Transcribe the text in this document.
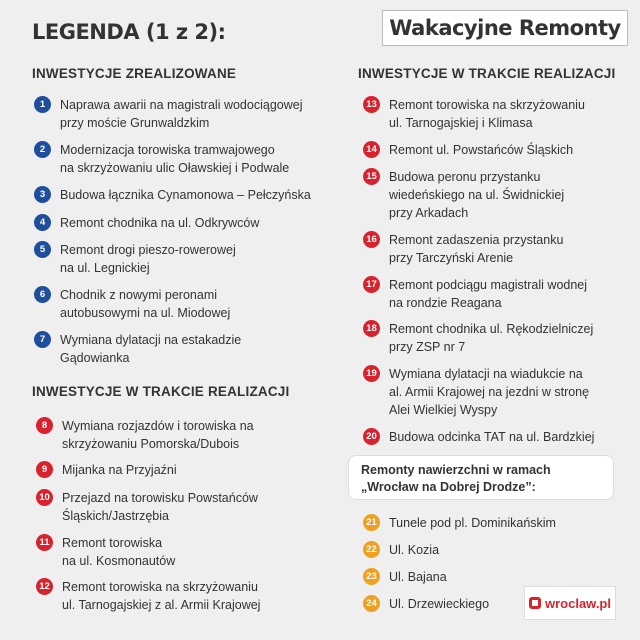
LEGENDA (1 z 2):	Wakacyjne Remonty
INWESTYCJE ZREALIZOWANE	INWESTYCJE W TRAKCIE REALIZACJI
INWESTYCJE W TRAKCIE REALIZACJI
Remonty nawierzchni w ramach
„Wrocław na Dobrej Drodze”:
1	Naprawa awarii na magistrali wodociągowej
przy moście Grunwaldzkim
2	Modernizacja torowiska tramwajowego
na skrzyżowaniu ulic Oławskiej i Podwale
3	Budowa łącznika Cynamonowa – Pełczyńska
4	Remont chodnika na ul. Odkrywców
5	Remont drogi pieszo-rowerowej
na ul. Legnickiej
6	Chodnik z nowymi peronami
autobusowymi na ul. Miodowej
7	Wymiana dylatacji na estakadzie
Gądowianka
8	Wymiana rozjazdów i torowiska na
skrzyżowaniu Pomorska/Dubois
9	Mijanka na Przyjaźni
10 Przejazd na torowisku Powstańców
Śląskich/Jastrzębia
11 Remont torowiska
na ul. Kosmonautów
12 Remont torowiska na skrzyżowaniu
ul. Tarnogajskiej z al. Armii Krajowej
13 Remont torowiska na skrzyżowaniu
ul. Tarnogajskiej i Klimasa
14 Remont ul. Powstańców Śląskich
15 Budowa peronu przystanku
wiedeńskiego na ul. Świdnickiej
przy Arkadach
16 Remont zadaszenia przystanku
przy Tarczyński Arenie
17 Remont podciągu magistrali wodnej
na rondzie Reagana
18 Remont chodnika ul. Rękodzielniczej
przy ZSP nr 7
19 Wymiana dylatacji na wiadukcie na
al. Armii Krajowej na jezdni w stronę
Alei Wielkiej Wyspy
20 Budowa odcinka TAT na ul. Bardzkiej
21 Tunele pod pl. Dominikańskim
22 Ul. Kozia
23 Ul. Bajana
24 Ul. Drzewieckiego	wroclaw.pl
